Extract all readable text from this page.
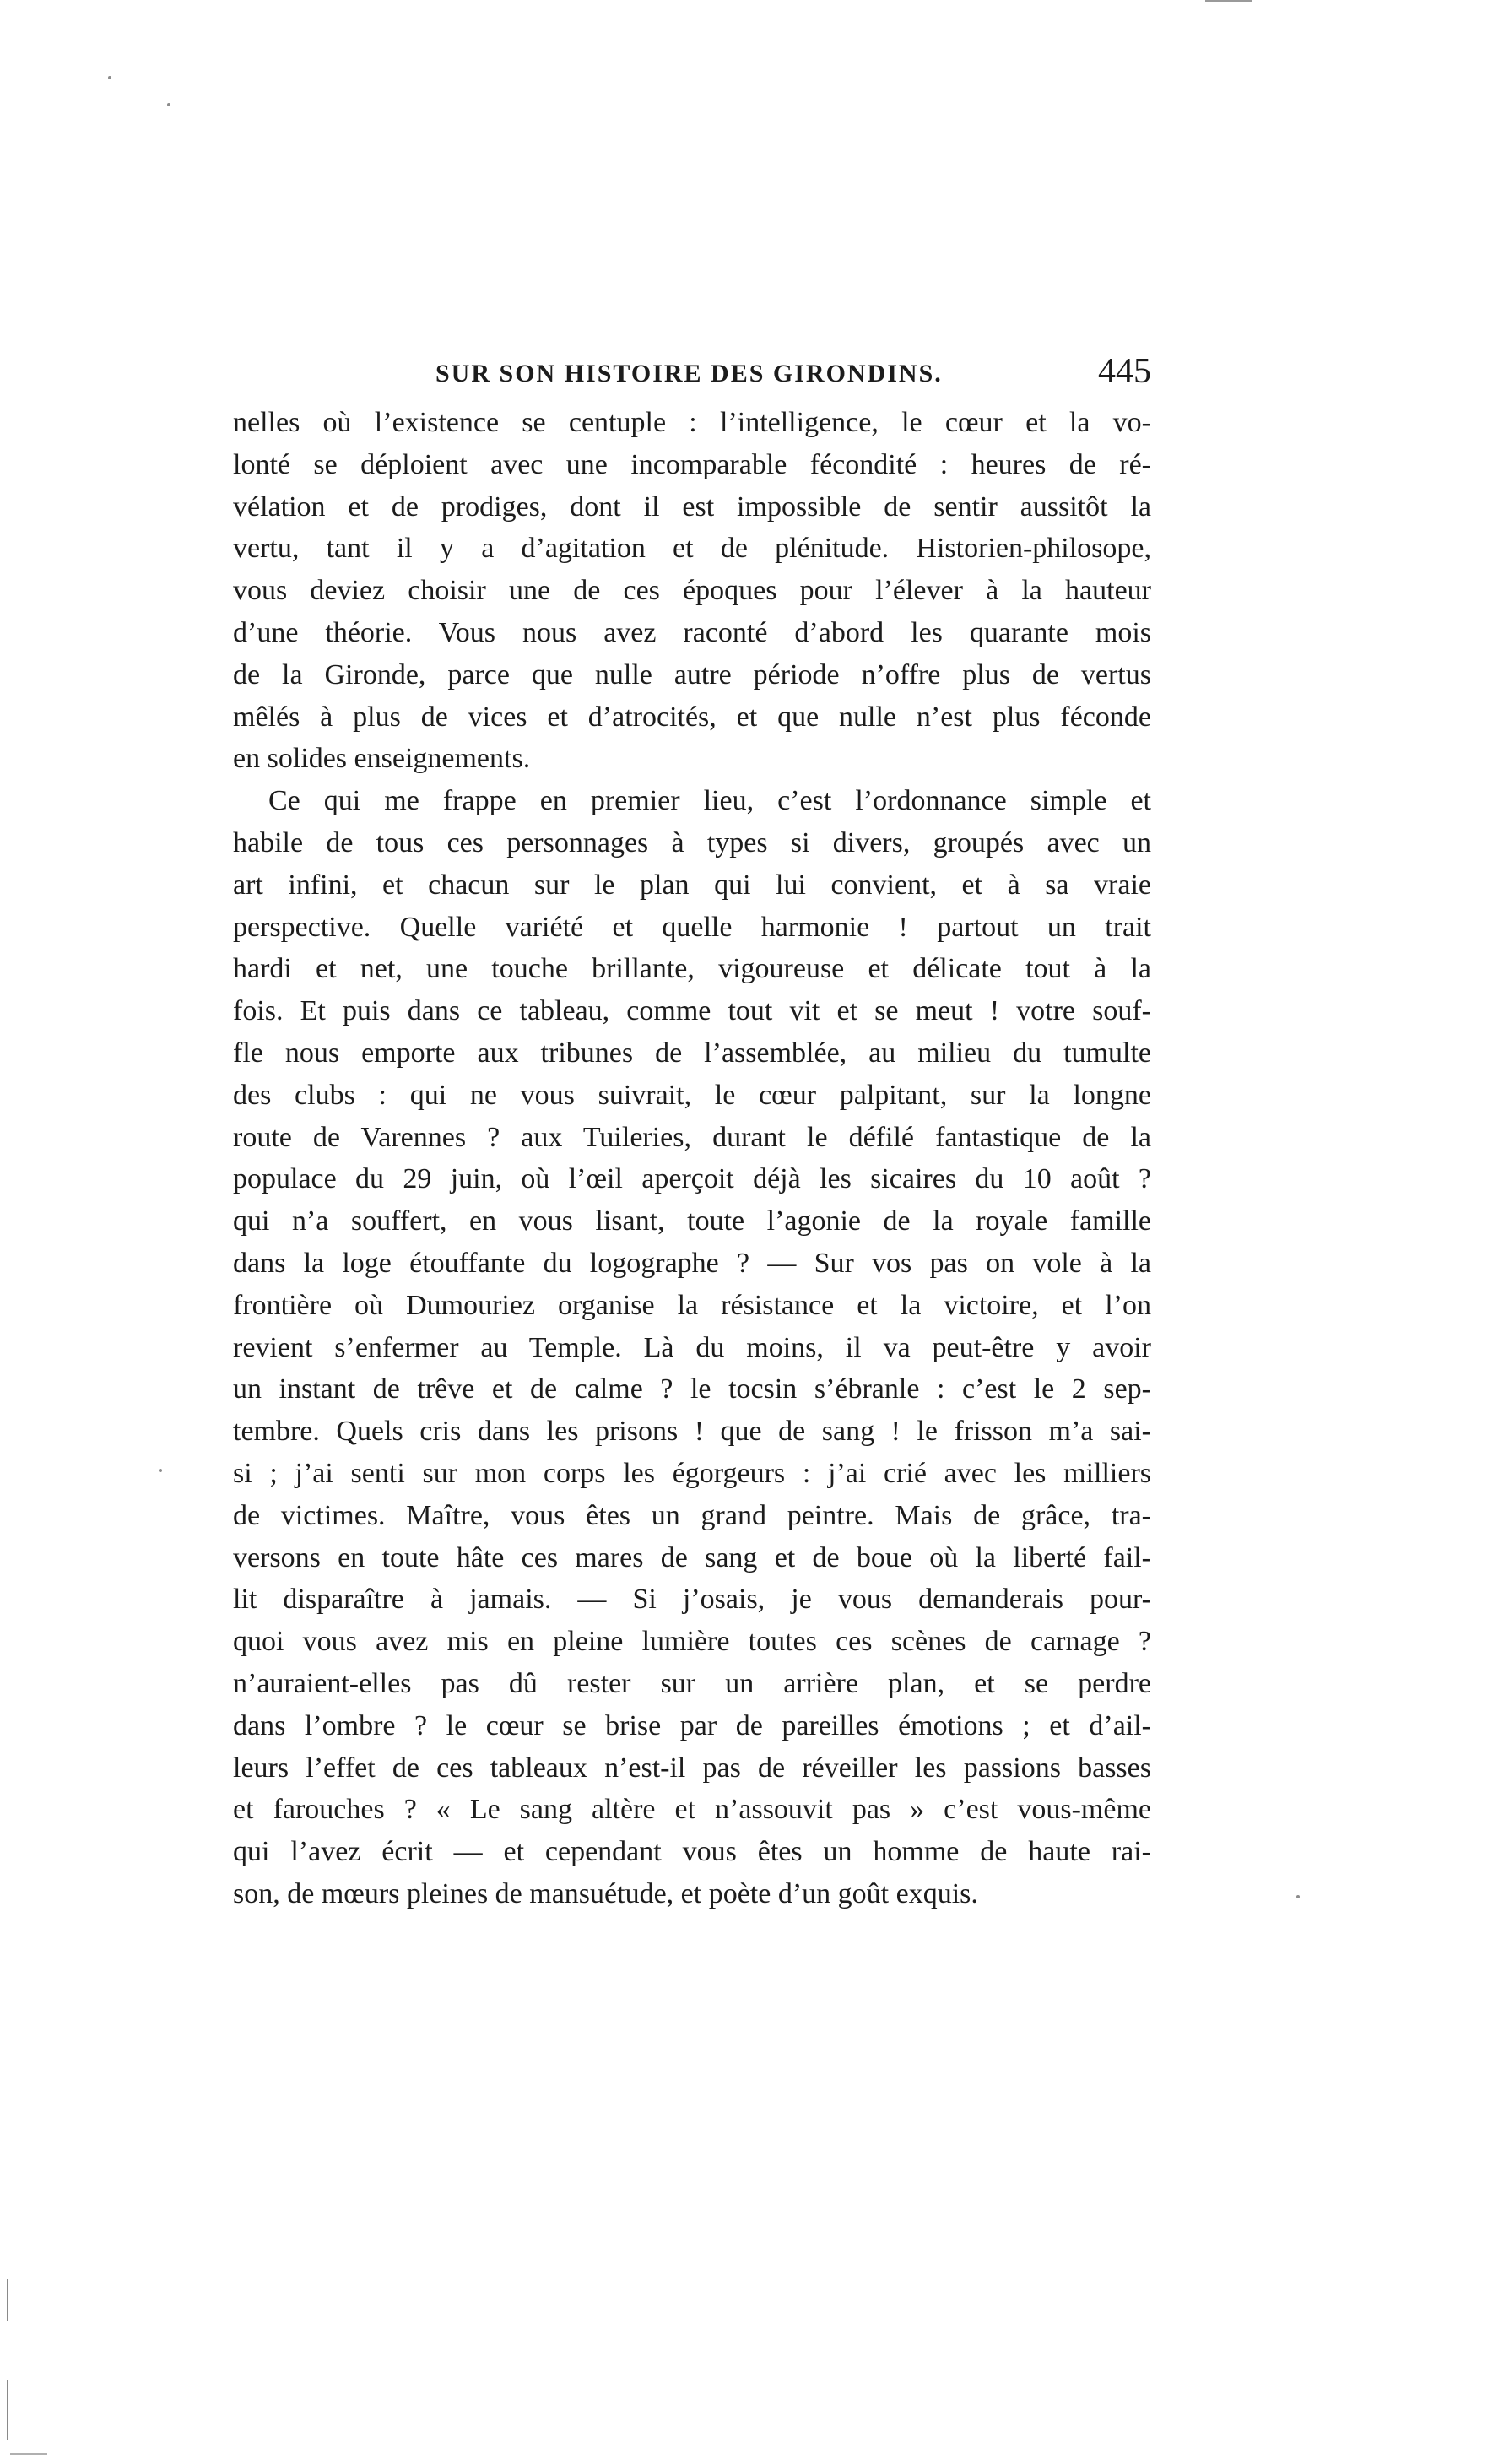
SUR SON HISTOIRE DES GIRONDINS.	445
nelles où l’existence se centuple : l’intelligence, le cœur et la vo-
lonté se déploient avec une incomparable fécondité : heures de ré-
vélation et de prodiges, dont il est impossible de sentir aussitôt la
vertu, tant il y a d’agitation et de plénitude. Historien-philosope,
vous deviez choisir une de ces époques pour l’élever à la hauteur
d’une théorie. Vous nous avez raconté d’abord les quarante mois
de la Gironde, parce que nulle autre période n’offre plus de vertus
mêlés à plus de vices et d’atrocités, et que nulle n’est plus féconde
en solides enseignements.
Ce qui me frappe en premier lieu, c’est l’ordonnance simple et
habile de tous ces personnages à types si divers, groupés avec un
art infini, et chacun sur le plan qui lui convient, et à sa vraie
perspective. Quelle variété et quelle harmonie ! partout un trait
hardi et net, une touche brillante, vigoureuse et délicate tout à la
fois. Et puis dans ce tableau, comme tout vit et se meut ! votre souf-
fle nous emporte aux tribunes de l’assemblée, au milieu du tumulte
des clubs : qui ne vous suivrait, le cœur palpitant, sur la longne
route de Varennes ? aux Tuileries, durant le défilé fantastique de la
populace du 29 juin, où l’œil aperçoit déjà les sicaires du 10 août ?
qui n’a souffert, en vous lisant, toute l’agonie de la royale famille
dans la loge étouffante du logographe ? — Sur vos pas on vole à la
frontière où Dumouriez organise la résistance et la victoire, et l’on
revient s’enfermer au Temple. Là du moins, il va peut-être y avoir
un instant de trêve et de calme ? le tocsin s’ébranle : c’est le 2 sep-
tembre. Quels cris dans les prisons ! que de sang ! le frisson m’a sai-
si ; j’ai senti sur mon corps les égorgeurs : j’ai crié avec les milliers
de victimes. Maître, vous êtes un grand peintre. Mais de grâce, tra-
versons en toute hâte ces mares de sang et de boue où la liberté fail-
lit disparaître à jamais. — Si j’osais, je vous demanderais pour-
quoi vous avez mis en pleine lumière toutes ces scènes de carnage ?
n’auraient-elles pas dû rester sur un arrière plan, et se perdre
dans l’ombre ? le cœur se brise par de pareilles émotions ; et d’ail-
leurs l’effet de ces tableaux n’est-il pas de réveiller les passions basses
et farouches ? « Le sang altère et n’assouvit pas » c’est vous-même
qui l’avez écrit — et cependant vous êtes un homme de haute rai-
son, de mœurs pleines de mansuétude, et poète d’un goût exquis.
